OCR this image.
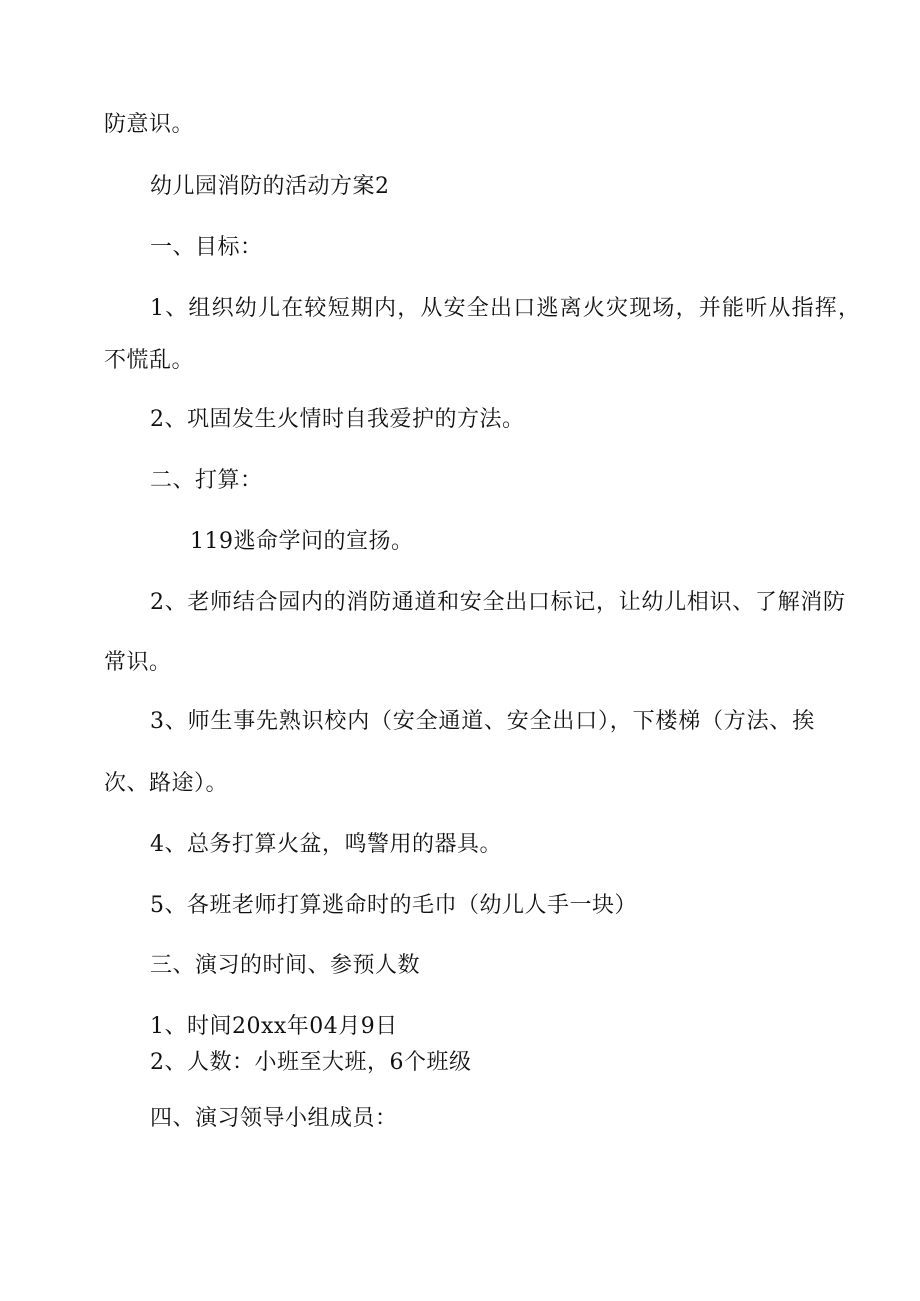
防意识。
幼儿园消防的活动方案2
一、目标：
1、组织幼儿在较短期内，从安全出口逃离火灾现场，并能听从指挥，
不慌乱。
2、巩固发生火情时自我爱护的方法。
二、打算：
119逃命学问的宣扬。
2、老师结合园内的消防通道和安全出口标记，让幼儿相识、了解消防
常识。
3、师生事先熟识校内（安全通道、安全出口），下楼梯（方法、挨
次、路途）。
4、总务打算火盆，鸣警用的器具。
5、各班老师打算逃命时的毛巾（幼儿人手一块）
三、演习的时间、参预人数
1、时间20xx年04月9日
2、人数：小班至大班，6个班级
四、演习领导小组成员：
